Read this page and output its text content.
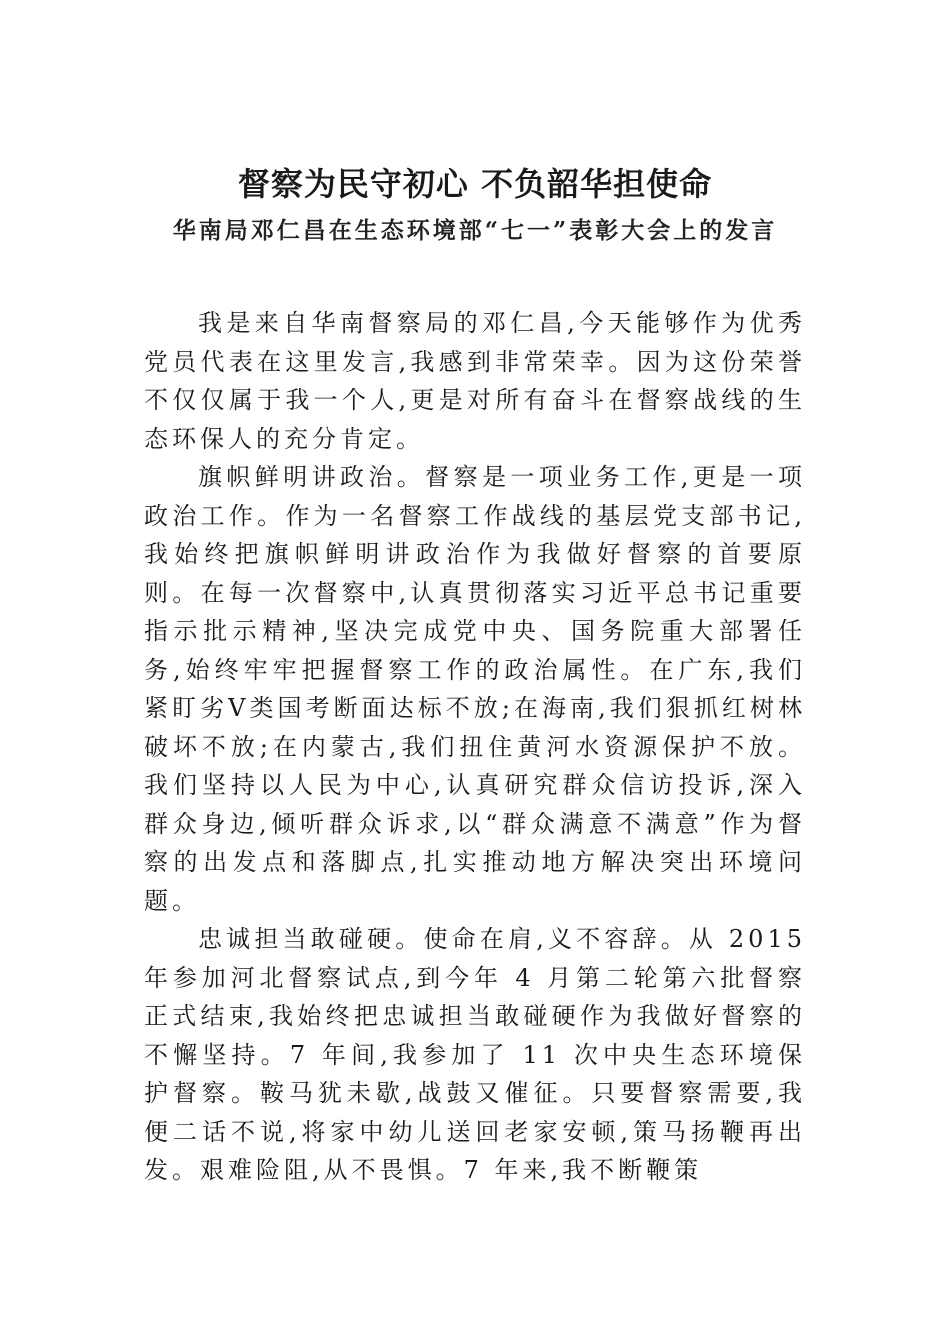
督察为民守初心 不负韶华担使命
华南局邓仁昌在生态环境部“七一”表彰大会上的发言

我是来自华南督察局的邓仁昌,今天能够作为优秀党员代表在这里发言,我感到非常荣幸。因为这份荣誉不仅仅属于我一个人,更是对所有奋斗在督察战线的生态环保人的充分肯定。

旗帜鲜明讲政治。督察是一项业务工作,更是一项政治工作。作为一名督察工作战线的基层党支部书记,我始终把旗帜鲜明讲政治作为我做好督察的首要原则。在每一次督察中,认真贯彻落实习近平总书记重要指示批示精神,坚决完成党中央、国务院重大部署任务,始终牢牢把握督察工作的政治属性。在广东,我们紧盯劣Ⅴ类国考断面达标不放;在海南,我们狠抓红树林破坏不放;在内蒙古,我们扭住黄河水资源保护不放。我们坚持以人民为中心,认真研究群众信访投诉,深入群众身边,倾听群众诉求,以“群众满意不满意”作为督察的出发点和落脚点,扎实推动地方解决突出环境问题。

忠诚担当敢碰硬。使命在肩,义不容辞。从 2015 年参加河北督察试点,到今年 4 月第二轮第六批督察正式结束,我始终把忠诚担当敢碰硬作为我做好督察的不懈坚持。7 年间,我参加了 11 次中央生态环境保护督察。鞍马犹未歇,战鼓又催征。只要督察需要,我便二话不说,将家中幼儿送回老家安顿,策马扬鞭再出发。艰难险阻,从不畏惧。7 年来,我不断鞭策
